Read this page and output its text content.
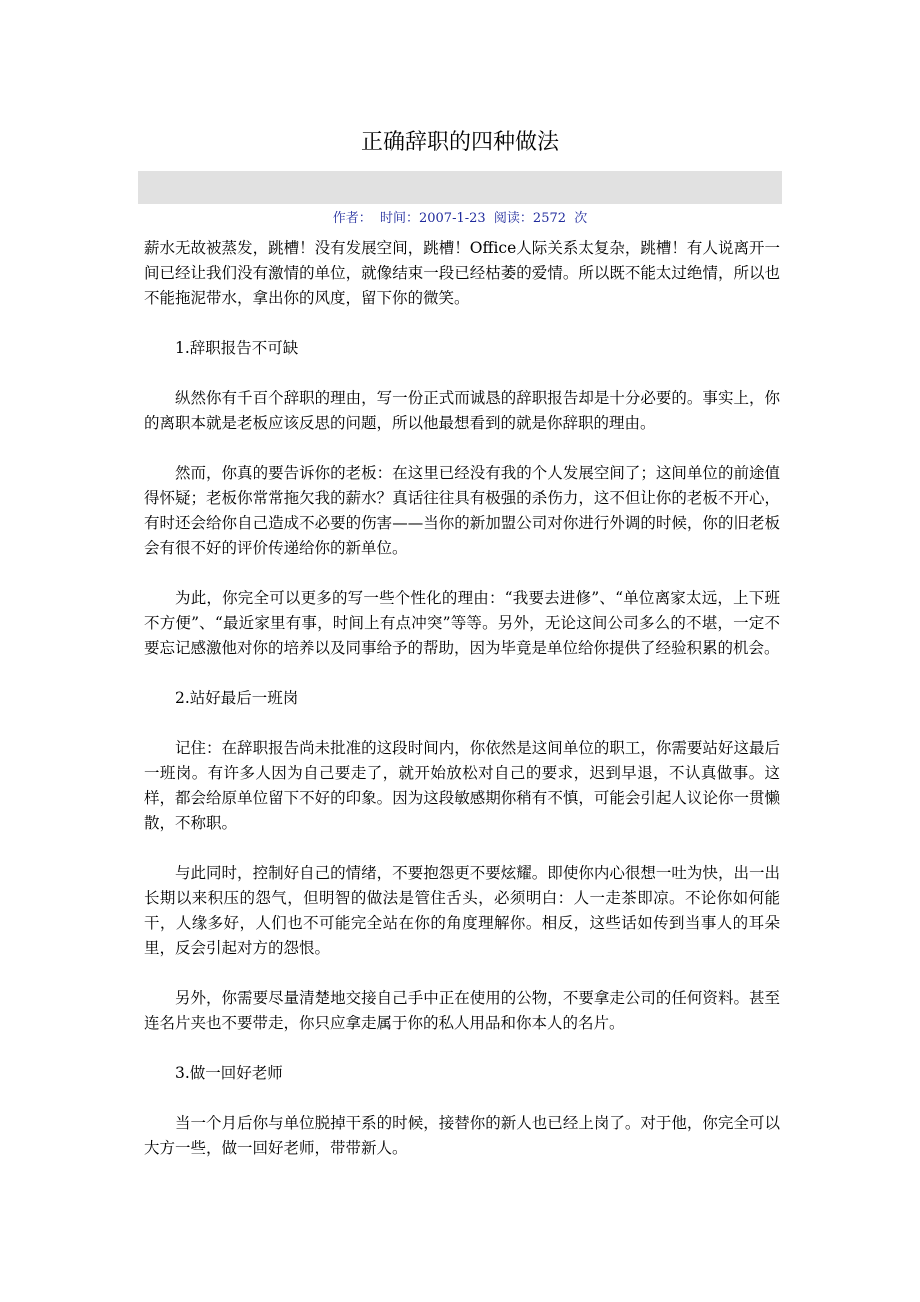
正确辞职的四种做法
作者：  时间：2007-1-23  阅读：2572  次

薪水无故被蒸发，跳槽！没有发展空间，跳槽！Office人际关系太复杂，跳槽！有人说离开一间已经让我们没有激情的单位，就像结束一段已经枯萎的爱情。所以既不能太过绝情，所以也不能拖泥带水，拿出你的风度，留下你的微笑。

1.辞职报告不可缺

纵然你有千百个辞职的理由，写一份正式而诚恳的辞职报告却是十分必要的。事实上，你的离职本就是老板应该反思的问题，所以他最想看到的就是你辞职的理由。

然而，你真的要告诉你的老板：在这里已经没有我的个人发展空间了；这间单位的前途值得怀疑；老板你常常拖欠我的薪水？真话往往具有极强的杀伤力，这不但让你的老板不开心，有时还会给你自己造成不必要的伤害——当你的新加盟公司对你进行外调的时候，你的旧老板会有很不好的评价传递给你的新单位。

为此，你完全可以更多的写一些个性化的理由：“我要去进修”、“单位离家太远，上下班不方便”、“最近家里有事，时间上有点冲突”等等。另外，无论这间公司多么的不堪，一定不要忘记感激他对你的培养以及同事给予的帮助，因为毕竟是单位给你提供了经验积累的机会。

2.站好最后一班岗

记住：在辞职报告尚未批准的这段时间内，你依然是这间单位的职工，你需要站好这最后一班岗。有许多人因为自己要走了，就开始放松对自己的要求，迟到早退，不认真做事。这样，都会给原单位留下不好的印象。因为这段敏感期你稍有不慎，可能会引起人议论你一贯懒散，不称职。

与此同时，控制好自己的情绪，不要抱怨更不要炫耀。即使你内心很想一吐为快，出一出长期以来积压的怨气，但明智的做法是管住舌头，必须明白：人一走茶即凉。不论你如何能干，人缘多好，人们也不可能完全站在你的角度理解你。相反，这些话如传到当事人的耳朵里，反会引起对方的怨恨。

另外，你需要尽量清楚地交接自己手中正在使用的公物，不要拿走公司的任何资料。甚至连名片夹也不要带走，你只应拿走属于你的私人用品和你本人的名片。

3.做一回好老师

当一个月后你与单位脱掉干系的时候，接替你的新人也已经上岗了。对于他，你完全可以大方一些，做一回好老师，带带新人。
